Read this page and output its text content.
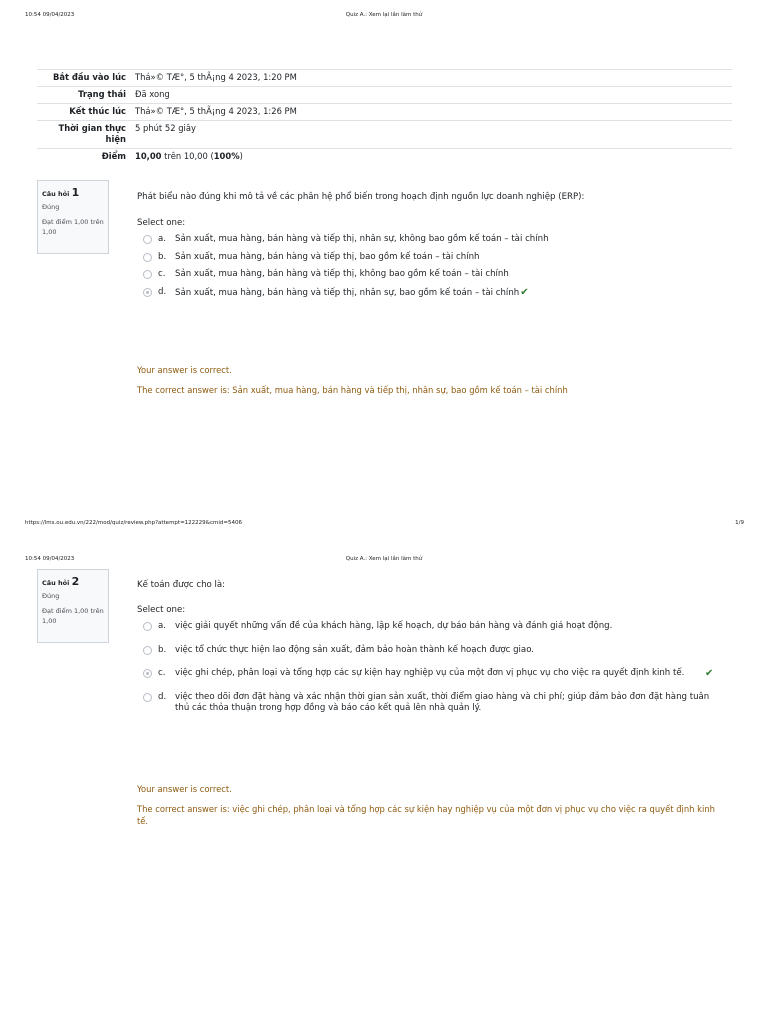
10:54 09/04/2023	Quiz A.: Xem lại lần làm thử
Bắt đầu vào lúc	Thá»© TÆ°, 5 thÃ¡ng 4 2023, 1:20 PM
Trạng thái	Đã xong
Kết thúc lúc	Thá»© TÆ°, 5 thÃ¡ng 4 2023, 1:26 PM
Thời gian thực hiện
5 phút 52 giây
Điểm	10,00 trên 10,00 (100%)
Câu hỏi 1
Đúng
Đạt điểm 1,00 trên 1,00
Phát biểu nào đúng khi mô tả về các phân hệ phổ biến trong hoạch định nguồn lực doanh nghiệp (ERP):
Select one:
a.	Sản xuất, mua hàng, bán hàng và tiếp thị, nhân sự, không bao gồm kế toán – tài chính
b.	Sản xuất, mua hàng, bán hàng và tiếp thị, bao gồm kế toán – tài chính
c.	Sản xuất, mua hàng, bán hàng và tiếp thị, không bao gồm kế toán – tài chính
d.	Sản xuất, mua hàng, bán hàng và tiếp thị, nhân sự, bao gồm kế toán – tài chính✔
Your answer is correct.
The correct answer is: Sản xuất, mua hàng, bán hàng và tiếp thị, nhân sự, bao gồm kế toán – tài chính
https://lms.ou.edu.vn/222/mod/quiz/review.php?attempt=122229&cmid=5406	1/9
10:54 09/04/2023	Quiz A.: Xem lại lần làm thử
Câu hỏi 2
Đúng
Đạt điểm 1,00 trên 1,00
Kế toán được cho là:
Select one:
a.	việc giải quyết những vấn đề của khách hàng, lập kế hoạch, dự báo bán hàng và đánh giá hoạt động.
b.	việc tổ chức thực hiện lao động sản xuất, đảm bảo hoàn thành kế hoạch được giao.
c.	việc ghi chép, phân loại và tổng hợp các sự kiện hay nghiệp vụ của một đơn vị phục vụ cho việc ra quyết định kinh tế.	✔
d.	việc theo dõi đơn đặt hàng và xác nhận thời gian sản xuất, thời điểm giao hàng và chi phí; giúp đảm bảo đơn đặt hàng tuân thủ các thỏa thuận trong hợp đồng và báo cáo kết quả lên nhà quản lý.
Your answer is correct.
The correct answer is: việc ghi chép, phân loại và tổng hợp các sự kiện hay nghiệp vụ của một đơn vị phục vụ cho việc ra quyết định kinh tế.
